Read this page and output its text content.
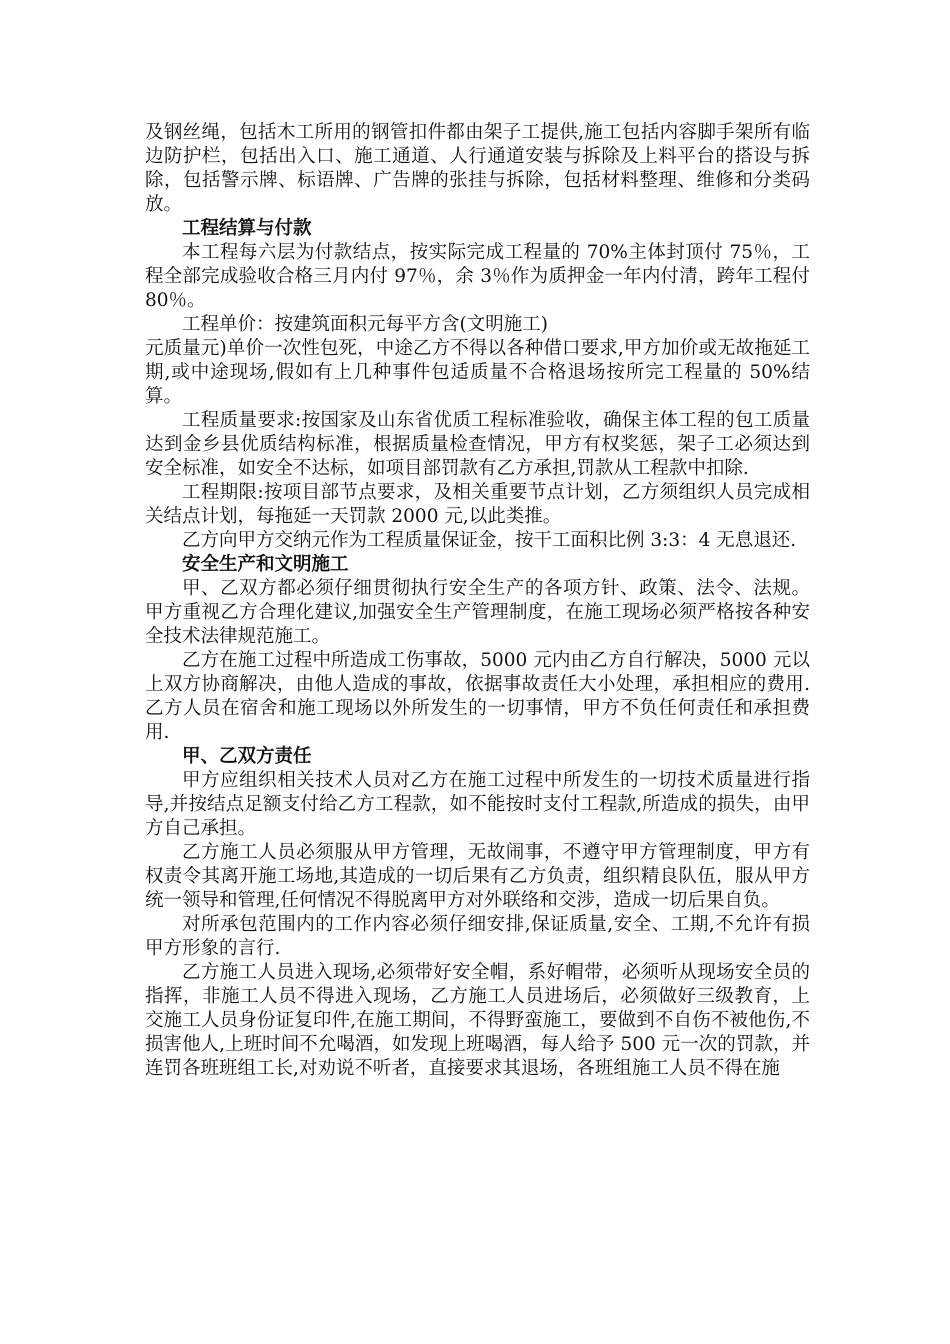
及钢丝绳，包括木工所用的钢管扣件都由架子工提供,施工包括内容脚手架所有临边防护栏，包括出入口、施工通道、人行通道安装与拆除及上料平台的搭设与拆除，包括警示牌、标语牌、广告牌的张挂与拆除，包括材料整理、维修和分类码放。

工程结算与付款

本工程每六层为付款结点，按实际完成工程量的 70%主体封顶付 75％，工程全部完成验收合格三月内付 97％，余 3％作为质押金一年内付清，跨年工程付 80％。

工程单价：按建筑面积元每平方含(文明施工)

元质量元)单价一次性包死，中途乙方不得以各种借口要求,甲方加价或无故拖延工期,或中途现场,假如有上几种事件包适质量不合格退场按所完工程量的 50%结算。

工程质量要求:按国家及山东省优质工程标准验收，确保主体工程的包工质量达到金乡县优质结构标准，根据质量检查情况，甲方有权奖惩，架子工必须达到安全标准，如安全不达标，如项目部罚款有乙方承担,罚款从工程款中扣除.

工程期限:按项目部节点要求，及相关重要节点计划，乙方须组织人员完成相关结点计划，每拖延一天罚款 2000 元,以此类推。

乙方向甲方交纳元作为工程质量保证金，按干工面积比例 3:3：4 无息退还.

安全生产和文明施工

甲、乙双方都必须仔细贯彻执行安全生产的各项方针、政策、法令、法规。甲方重视乙方合理化建议,加强安全生产管理制度，在施工现场必须严格按各种安全技术法律规范施工。

乙方在施工过程中所造成工伤事故，5000 元内由乙方自行解决，5000 元以上双方协商解决，由他人造成的事故，依据事故责任大小处理，承担相应的费用.乙方人员在宿舍和施工现场以外所发生的一切事情，甲方不负任何责任和承担费用.

甲、乙双方责任

甲方应组织相关技术人员对乙方在施工过程中所发生的一切技术质量进行指导,并按结点足额支付给乙方工程款，如不能按时支付工程款,所造成的损失，由甲方自己承担。

乙方施工人员必须服从甲方管理，无故闹事，不遵守甲方管理制度，甲方有权责令其离开施工场地,其造成的一切后果有乙方负责，组织精良队伍，服从甲方统一领导和管理,任何情况不得脱离甲方对外联络和交涉，造成一切后果自负。

对所承包范围内的工作内容必须仔细安排,保证质量,安全、工期,不允许有损甲方形象的言行.

乙方施工人员进入现场,必须带好安全帽，系好帽带，必须听从现场安全员的指挥，非施工人员不得进入现场，乙方施工人员进场后，必须做好三级教育，上交施工人员身份证复印件,在施工期间，不得野蛮施工，要做到不自伤不被他伤,不损害他人,上班时间不允喝酒，如发现上班喝酒，每人给予 500 元一次的罚款，并连罚各班班组工长,对劝说不听者，直接要求其退场，各班组施工人员不得在施
